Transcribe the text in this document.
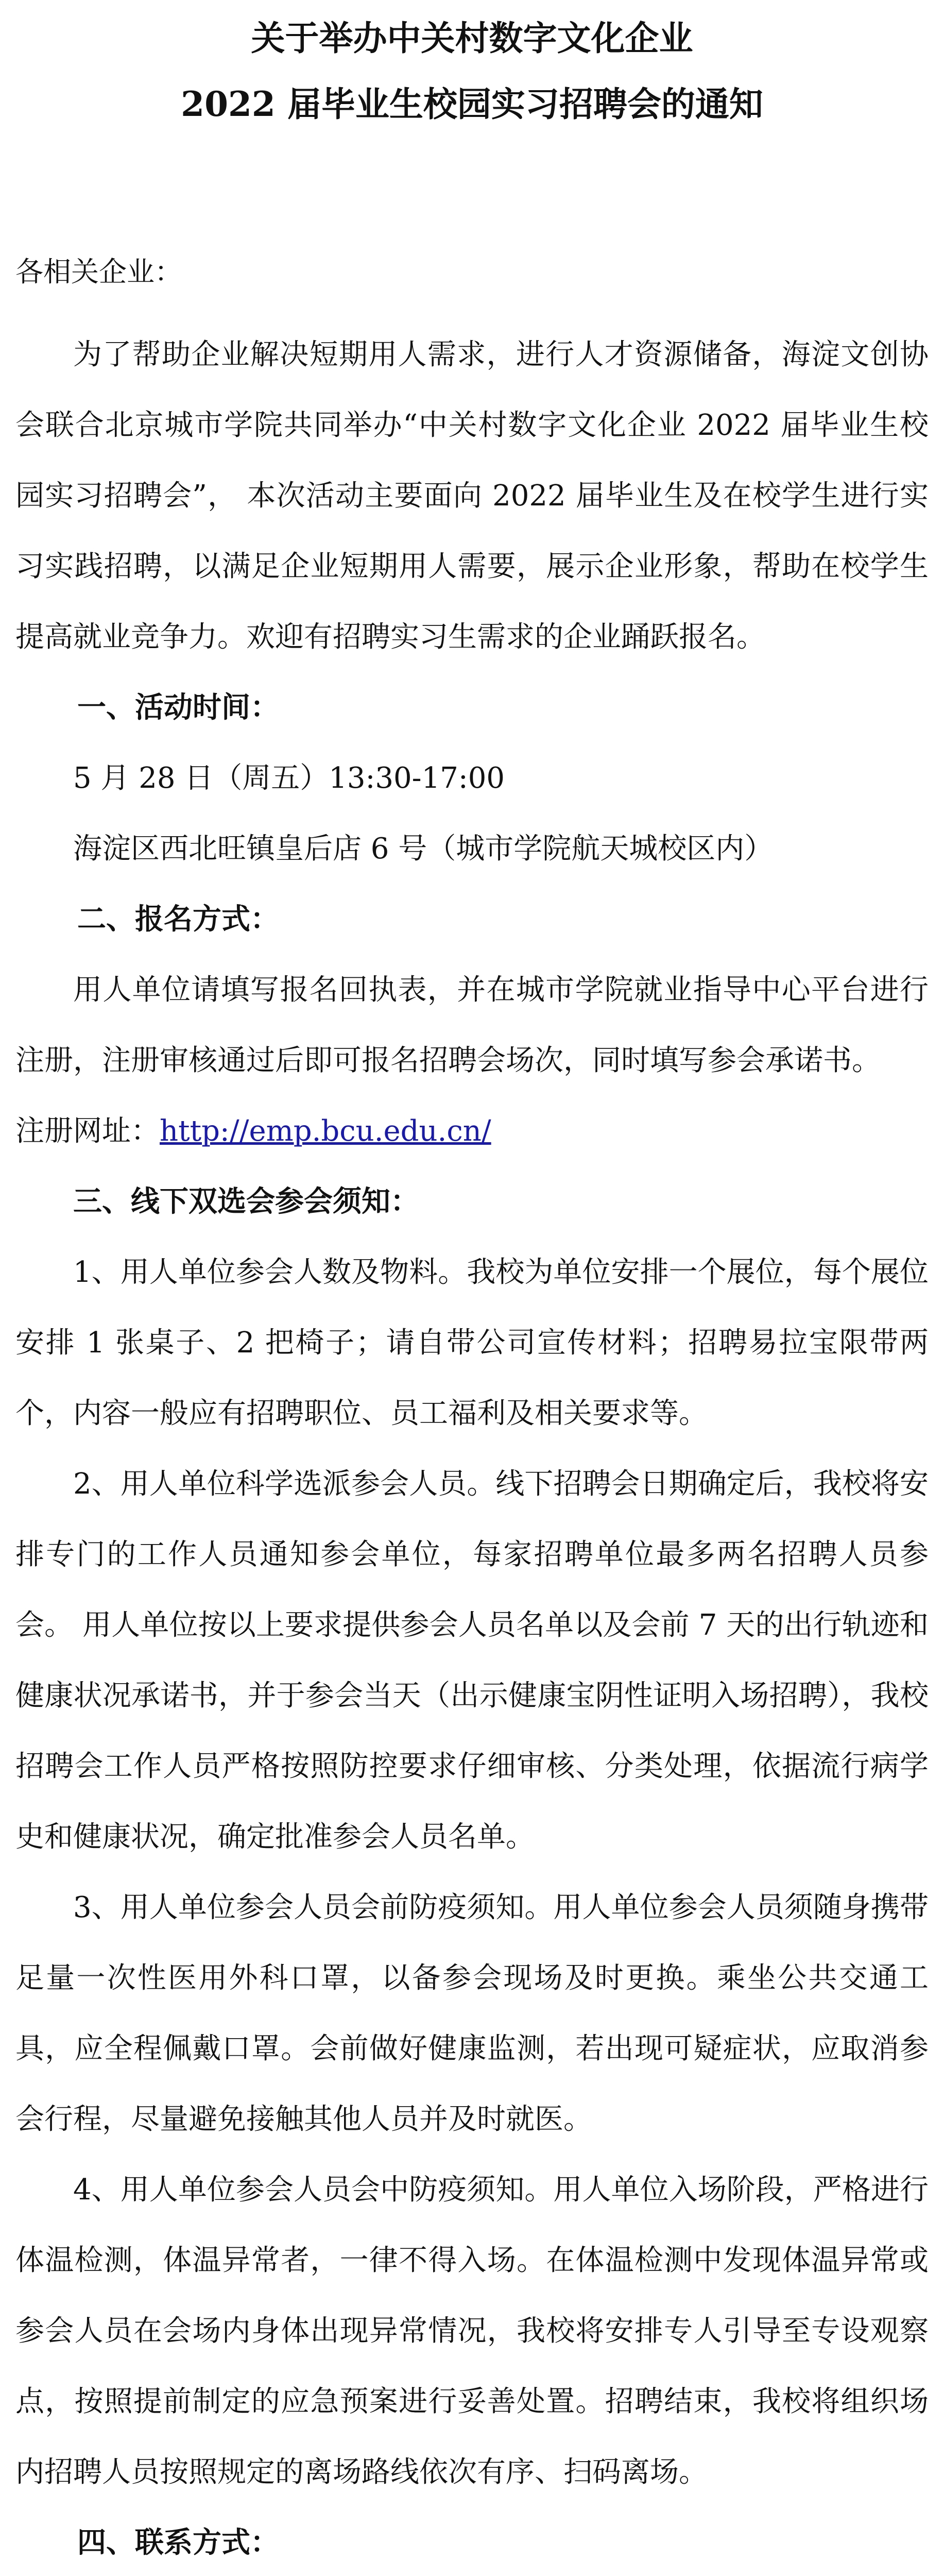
关于举办中关村数字文化企业
2022 届毕业生校园实习招聘会的通知
各相关企业：

为了帮助企业解决短期用人需求，进行人才资源储备，海淀文创协会联合北京城市学院共同举办“中关村数字文化企业 2022 届毕业生校园实习招聘会”， 本次活动主要面向 2022 届毕业生及在校学生进行实习实践招聘，以满足企业短期用人需要，展示企业形象，帮助在校学生提高就业竞争力。欢迎有招聘实习生需求的企业踊跃报名。

一、活动时间：

5 月 28 日（周五）13:30-17:00

海淀区西北旺镇皇后店 6 号（城市学院航天城校区内）

二、报名方式：

用人单位请填写报名回执表，并在城市学院就业指导中心平台进行注册，注册审核通过后即可报名招聘会场次，同时填写参会承诺书。

注册网址：http://emp.bcu.edu.cn/

三、线下双选会参会须知：

1、用人单位参会人数及物料。我校为单位安排一个展位，每个展位安排 1 张桌子、2 把椅子；请自带公司宣传材料；招聘易拉宝限带两个，内容一般应有招聘职位、员工福利及相关要求等。

2、用人单位科学选派参会人员。线下招聘会日期确定后，我校将安排专门的工作人员通知参会单位，每家招聘单位最多两名招聘人员参会。 用人单位按以上要求提供参会人员名单以及会前 7 天的出行轨迹和健康状况承诺书，并于参会当天（出示健康宝阴性证明入场招聘），我校招聘会工作人员严格按照防控要求仔细审核、分类处理，依据流行病学史和健康状况，确定批准参会人员名单。

3、用人单位参会人员会前防疫须知。用人单位参会人员须随身携带足量一次性医用外科口罩，以备参会现场及时更换。乘坐公共交通工具，应全程佩戴口罩。会前做好健康监测，若出现可疑症状，应取消参会行程，尽量避免接触其他人员并及时就医。

4、用人单位参会人员会中防疫须知。用人单位入场阶段，严格进行体温检测，体温异常者，一律不得入场。在体温检测中发现体温异常或参会人员在会场内身体出现异常情况，我校将安排专人引导至专设观察点，按照提前制定的应急预案进行妥善处置。招聘结束，我校将组织场内招聘人员按照规定的离场路线依次有序、扫码离场。

四、联系方式：
